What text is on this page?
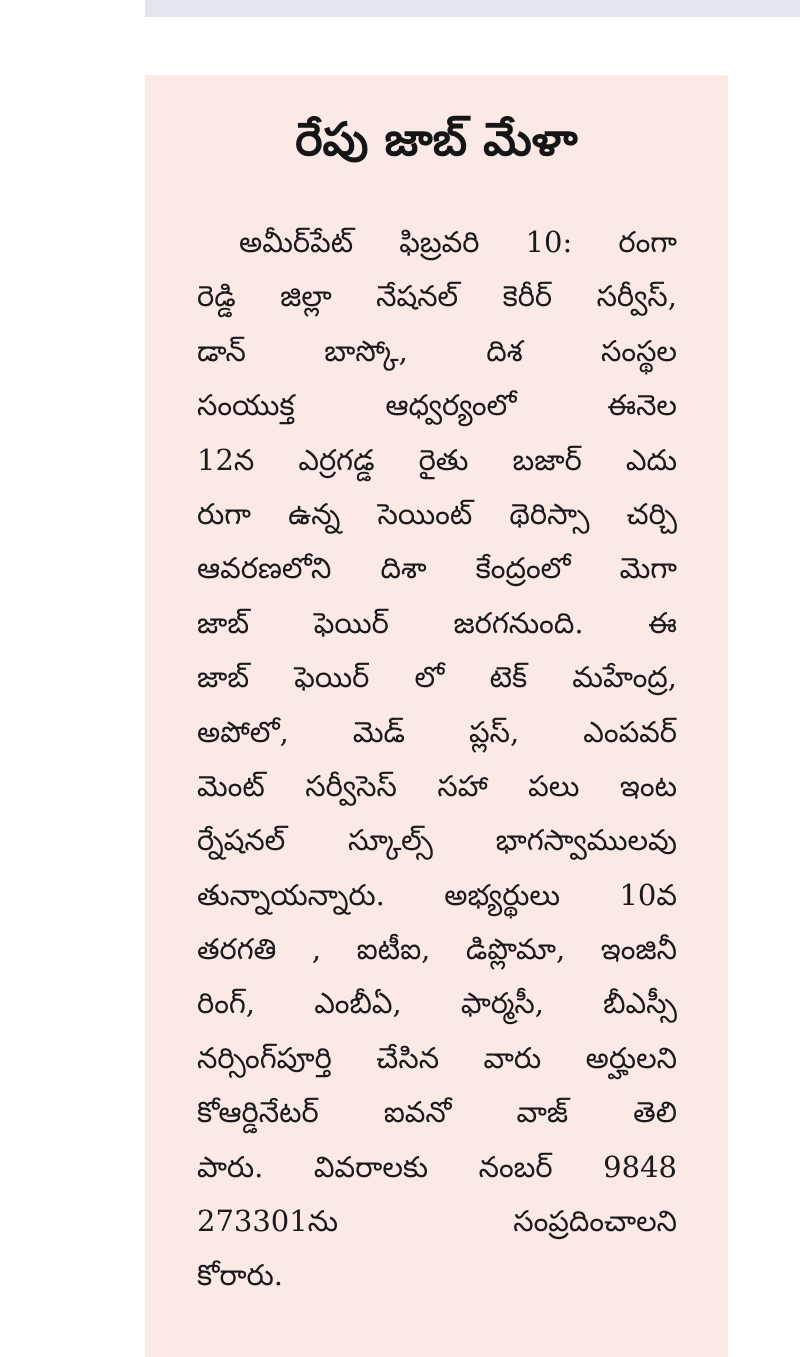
రేపు జాబ్ మేళా
అమీర్‌పేట్ ఫిబ్రవరి 10: రంగా
రెడ్డి జిల్లా నేషనల్ కెరీర్ సర్వీస్,
డాన్ బాస్కో, దిశ సంస్థల
సంయుక్త ఆధ్వర్యంలో ఈనెల
12న ఎర్రగడ్డ రైతు బజార్ ఎదు
రుగా ఉన్న సెయింట్ థెరిస్సా చర్చి
ఆవరణలోని దిశా కేంద్రంలో మెగా
జాబ్ ఫెయిర్ జరగనుంది. ఈ
జాబ్ ఫెయిర్ లో టెక్ మహేంద్ర,
అపోలో, మెడ్ ప్లస్, ఎంపవర్
మెంట్ సర్వీసెస్ సహా పలు ఇంట
ర్నేషనల్ స్కూల్స్ భాగస్వాములవు
తున్నాయన్నారు. అభ్యర్థులు 10వ
తరగతి , ఐటీఐ, డిప్లొమా, ఇంజినీ
రింగ్, ఎంబీఏ, ఫార్మసీ, బీఎస్సీ
నర్సింగ్‌పూర్తి చేసిన వారు అర్హులని
కోఆర్డినేటర్ ఐవనో వాజ్ తెలి
పారు. వివరాలకు నంబర్ 9848
273301ను సంప్రదించాలని
కోరారు.
